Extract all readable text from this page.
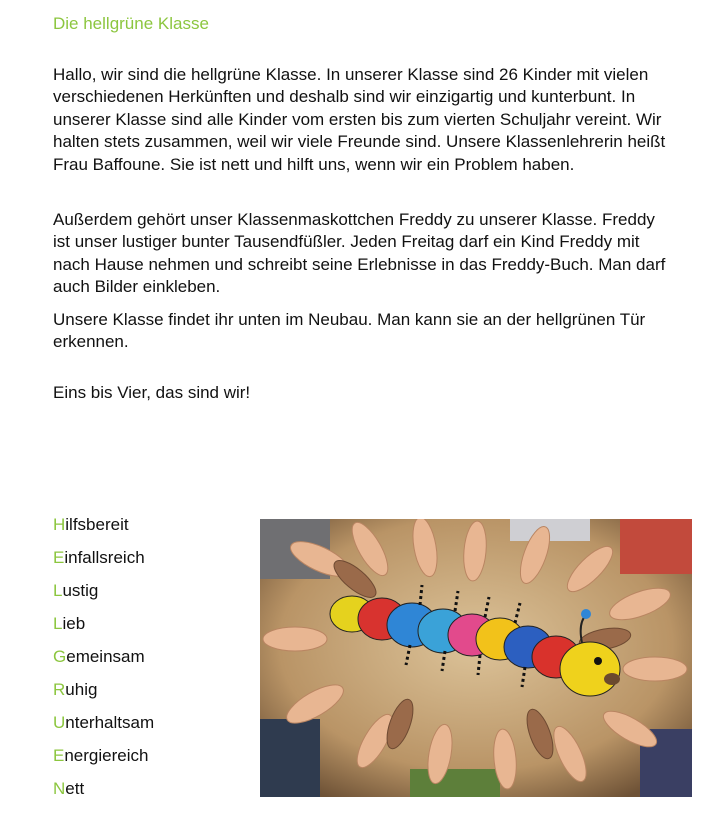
Die hellgrüne Klasse

Hallo, wir sind die hellgrüne Klasse. In unserer Klasse sind 26 Kinder mit vielen verschiedenen Herkünften und deshalb sind wir einzigartig und kunterbunt. In unserer Klasse sind alle Kinder vom ersten bis zum vierten Schuljahr vereint. Wir halten stets zusammen, weil wir viele Freunde sind. Unsere Klassenlehrerin heißt Frau Baffoune. Sie ist nett und hilft uns, wenn wir ein Problem haben.

Außerdem gehört unser Klassenmaskottchen Freddy zu unserer Klasse. Freddy ist unser lustiger bunter Tausendfüßler. Jeden Freitag darf ein Kind Freddy mit nach Hause nehmen und schreibt seine Erlebnisse in das Freddy-Buch. Man darf auch Bilder einkleben.

Unsere Klasse findet ihr unten im Neubau. Man kann sie an der hellgrünen Tür erkennen.

Eins bis Vier, das sind wir!

Hilfsbereit
Einfallsreich
Lustig
Lieb
Gemeinsam
Ruhig
Unterhaltsam
Energiereich
Nett
